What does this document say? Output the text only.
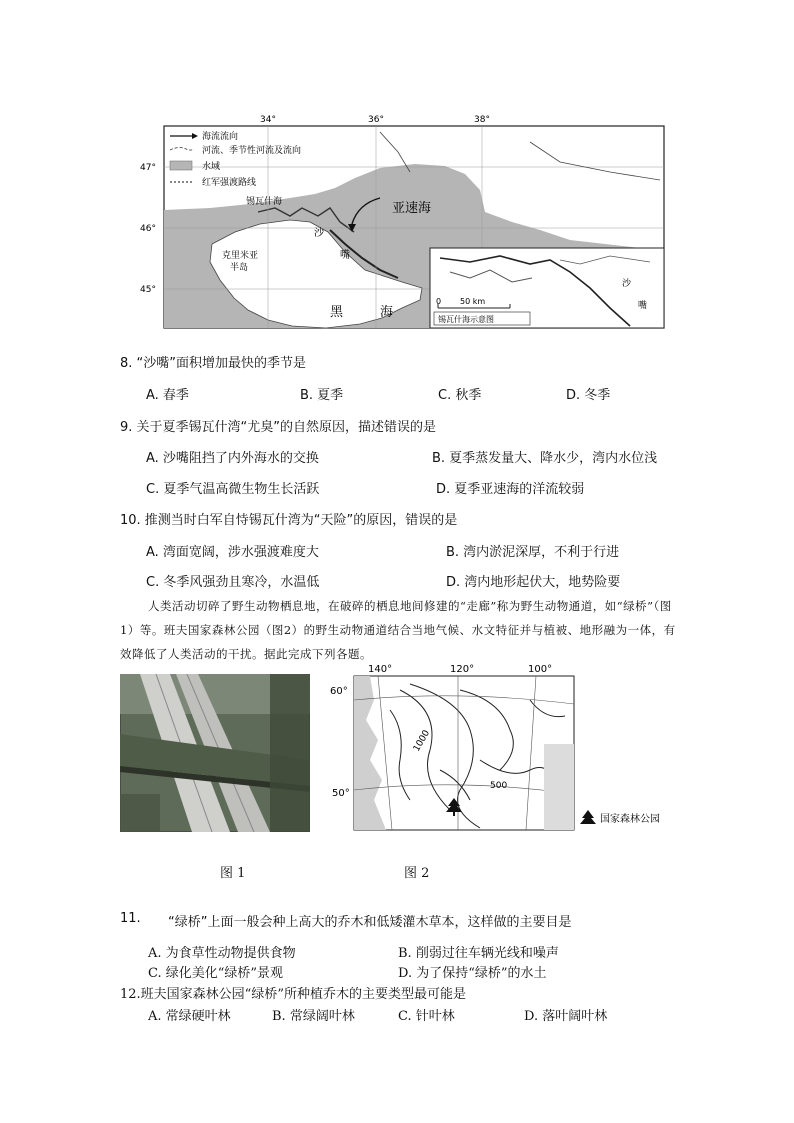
34°	36°	38°
47°
46°
45°
海流流向
河流、季节性河流及流向
水域
红军强渡路线
锡瓦什海	亚速海
沙
嘴
克里米亚
半岛
黑	海
沙
嘴
0 50 km
锡瓦什海示意图
8. “沙嘴”面积增加最快的季节是
A. 春季	B. 夏季	C. 秋季	D. 冬季
9. 关于夏季锡瓦什湾“尤臭”的自然原因，描述错误的是
A. 沙嘴阻挡了内外海水的交换	B. 夏季蒸发量大、降水少，湾内水位浅
C. 夏季气温高微生物生长活跃	D. 夏季亚速海的洋流较弱
10. 推测当时白军自恃锡瓦什湾为“天险”的原因，错误的是
A. 湾面宽阔，涉水强渡难度大	B. 湾内淤泥深厚，不利于行进
C. 冬季风强劲且寒冷，水温低	D. 湾内地形起伏大，地势险要
人类活动切碎了野生动物栖息地，在破碎的栖息地间修建的“走廊”称为野生动物通道，如“绿桥”（图1）等。班夫国家森林公园（图2）的野生动物通道结合当地气候、水文特征并与植被、地形融为一体，有效降低了人类活动的干扰。据此完成下列各题。
140°	120°	100°
60°
50°
1000
500
国家森林公园
图 1	图 2
11. “绿桥”上面一般会种上高大的乔木和低矮灌木草本，这样做的主要目是
A. 为食草性动物提供食物	B. 削弱过往车辆光线和噪声
C. 绿化美化“绿桥”景观	D. 为了保持“绿桥”的水土
12.班夫国家森林公园“绿桥”所种植乔木的主要类型最可能是
A. 常绿硬叶林	B. 常绿阔叶林	C. 针叶林	D. 落叶阔叶林
